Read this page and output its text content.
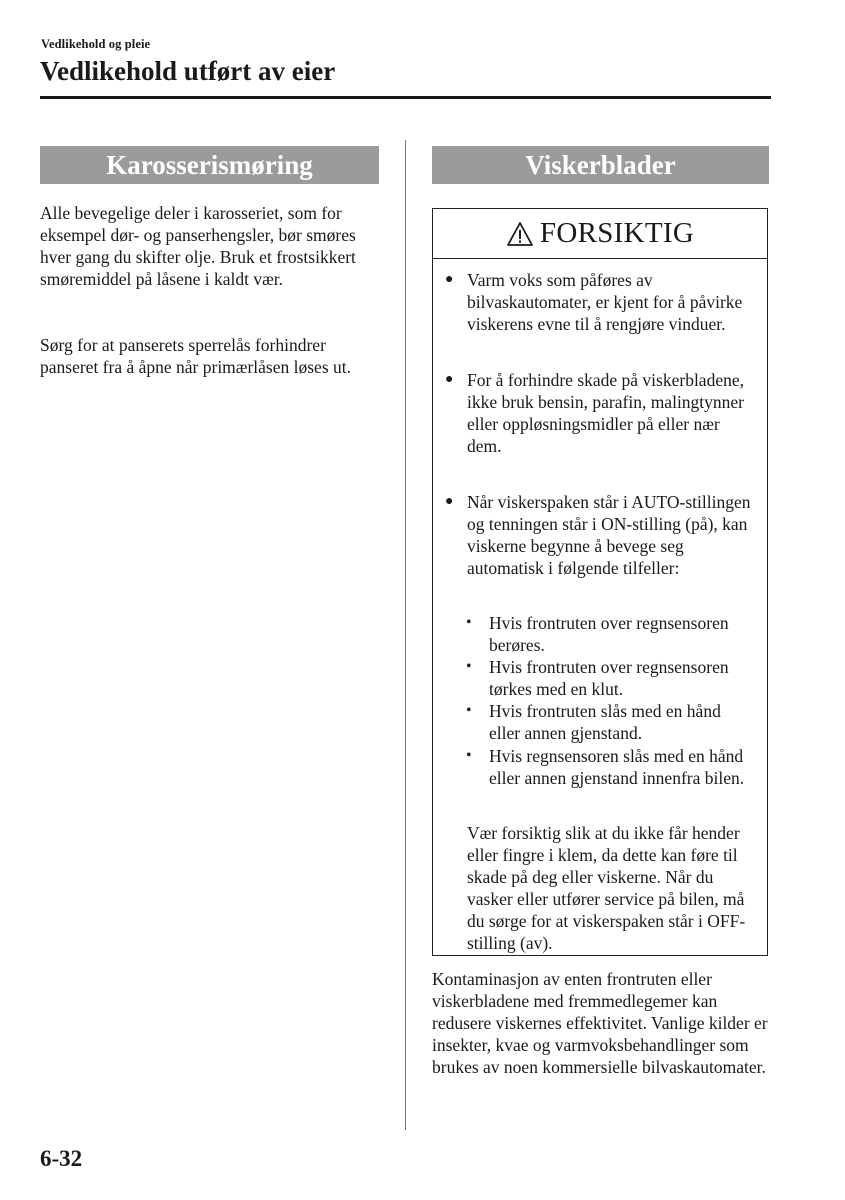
Vedlikehold og pleie
Vedlikehold utført av eier
Karosserismøring

Alle bevegelige deler i karosseriet, som for eksempel dør- og panserhengsler, bør smøres hver gang du skifter olje. Bruk et frostsikkert smøremiddel på låsene i kaldt vær.

Sørg for at panserets sperrelås forhindrer panseret fra å åpne når primærlåsen løses ut.

Viskerblader
FORSIKTIG
● Varm voks som påføres av bilvaskautomater, er kjent for å påvirke viskerens evne til å rengjøre vinduer.
● For å forhindre skade på viskerbladene, ikke bruk bensin, parafin, malingtynner eller oppløsningsmidler på eller nær dem.
● Når viskerspaken står i AUTO-stillingen og tenningen står i ON-stilling (på), kan viskerne begynne å bevege seg automatisk i følgende tilfeller:
• Hvis frontruten over regnsensoren berøres.
• Hvis frontruten over regnsensoren tørkes med en klut.
• Hvis frontruten slås med en hånd eller annen gjenstand.
• Hvis regnsensoren slås med en hånd eller annen gjenstand innenfra bilen.

Vær forsiktig slik at du ikke får hender eller fingre i klem, da dette kan føre til skade på deg eller viskerne. Når du vasker eller utfører service på bilen, må du sørge for at viskerspaken står i OFF-stilling (av).

Kontaminasjon av enten frontruten eller viskerbladene med fremmedlegemer kan redusere viskernes effektivitet. Vanlige kilder er insekter, kvae og varmvoksbehandlinger som brukes av noen kommersielle bilvaskautomater.

6-32
